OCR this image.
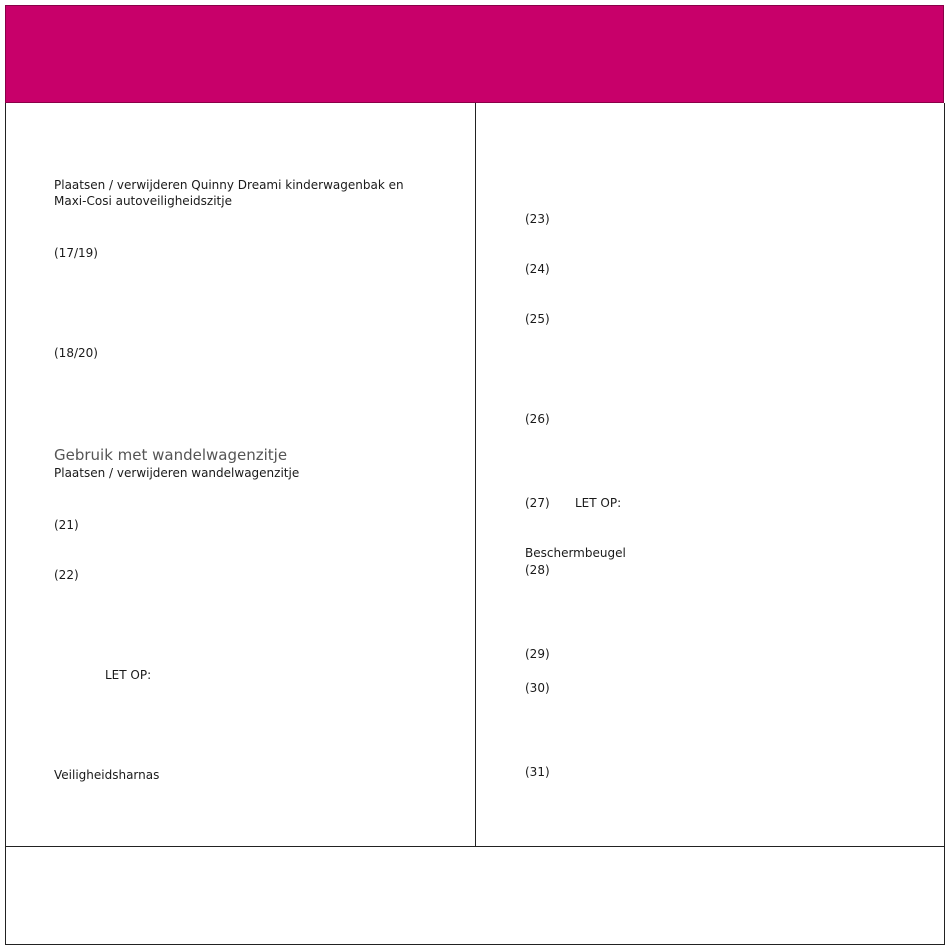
Plaatsen / verwijderen Quinny Dreami kinderwagenbak en
Maxi-Cosi autoveiligheidszitje
(17/19)
(18/20)
Gebruik met wandelwagenzitje
Plaatsen / verwijderen wandelwagenzitje
(21)
(22)
LET OP:
Veiligheidsharnas
(23)
(24)
(25)
(26)
(27) LET OP:
Beschermbeugel
(28)
(29)
(30)
(31)
